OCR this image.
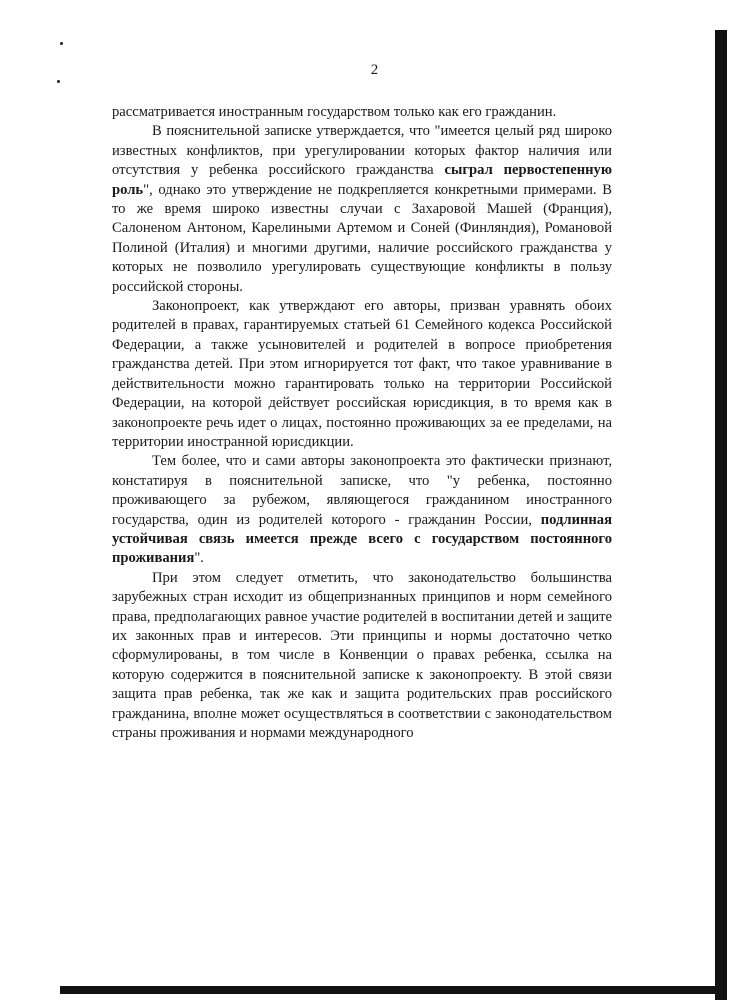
2

рассматривается иностранным государством только как его гражданин.

В пояснительной записке утверждается, что "имеется целый ряд широко известных конфликтов, при урегулировании которых фактор наличия или отсутствия у ребенка российского гражданства сыграл первостепенную роль", однако это утверждение не подкрепляется конкретными примерами. В то же время широко известны случаи с Захаровой Машей (Франция), Салоненом Антоном, Карелиными Артемом и Соней (Финляндия), Романовой Полиной (Италия) и многими другими, наличие российского гражданства у которых не позволило урегулировать существующие конфликты в пользу российской стороны.

Законопроект, как утверждают его авторы, призван уравнять обоих родителей в правах, гарантируемых статьей 61 Семейного кодекса Российской Федерации, а также усыновителей и родителей в вопросе приобретения гражданства детей. При этом игнорируется тот факт, что такое уравнивание в действительности можно гарантировать только на территории Российской Федерации, на которой действует российская юрисдикция, в то время как в законопроекте речь идет о лицах, постоянно проживающих за ее пределами, на территории иностранной юрисдикции.

Тем более, что и сами авторы законопроекта это фактически признают, констатируя в пояснительной записке, что "у ребенка, постоянно проживающего за рубежом, являющегося гражданином иностранного государства, один из родителей которого - гражданин России, подлинная устойчивая связь имеется прежде всего с государством постоянного проживания".

При этом следует отметить, что законодательство большинства зарубежных стран исходит из общепризнанных принципов и норм семейного права, предполагающих равное участие родителей в воспитании детей и защите их законных прав и интересов. Эти принципы и нормы достаточно четко сформулированы, в том числе в Конвенции о правах ребенка, ссылка на которую содержится в пояснительной записке к законопроекту. В этой связи защита прав ребенка, так же как и защита родительских прав российского гражданина, вполне может осуществляться в соответствии с законодательством страны проживания и нормами международного
